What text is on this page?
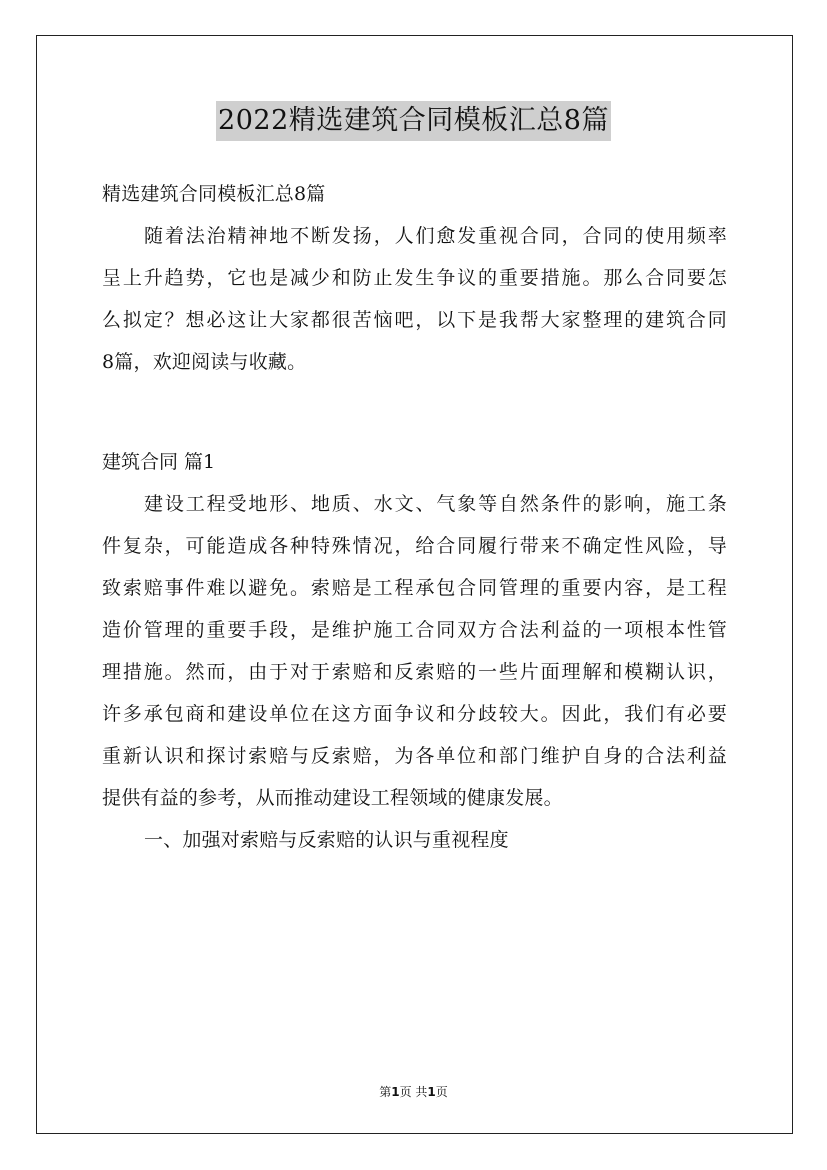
2022精选建筑合同模板汇总8篇
精选建筑合同模板汇总8篇
随着法治精神地不断发扬，人们愈发重视合同，合同的使用频率
呈上升趋势，它也是减少和防止发生争议的重要措施。那么合同要怎
么拟定？想必这让大家都很苦恼吧，以下是我帮大家整理的建筑合同
8篇，欢迎阅读与收藏。
建筑合同 篇1
建设工程受地形、地质、水文、气象等自然条件的影响，施工条
件复杂，可能造成各种特殊情况，给合同履行带来不确定性风险，导
致索赔事件难以避免。索赔是工程承包合同管理的重要内容，是工程
造价管理的重要手段，是维护施工合同双方合法利益的一项根本性管
理措施。然而，由于对于索赔和反索赔的一些片面理解和模糊认识，
许多承包商和建设单位在这方面争议和分歧较大。因此，我们有必要
重新认识和探讨索赔与反索赔，为各单位和部门维护自身的合法利益
提供有益的参考，从而推动建设工程领域的健康发展。
一、加强对索赔与反索赔的认识与重视程度
第1页 共1页
